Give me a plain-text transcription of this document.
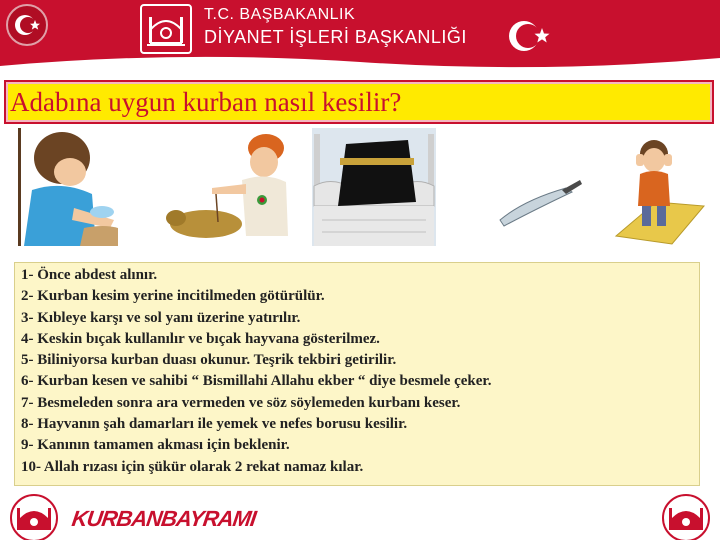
T.C. BAŞBAKANLIK
DİYANET İŞLERİ BAŞKANLIĞI
Adabına uygun kurban nasıl kesilir?
1- Önce abdest alınır.
2- Kurban kesim yerine incitilmeden götürülür.
3- Kıbleye karşı ve sol yanı üzerine yatırılır.
4- Keskin bıçak kullanılır ve bıçak hayvana gösterilmez.
5- Biliniyorsa kurban duası okunur. Teşrik tekbiri getirilir.
6- Kurban kesen ve sahibi “ Bismillahi Allahu ekber “ diye besmele çeker.
7- Besmeleden sonra ara vermeden ve söz söylemeden kurbanı keser.
8- Hayvanın şah damarları ile yemek ve nefes borusu kesilir.
9- Kanının tamamen akması için beklenir.
10- Allah rızası için şükür olarak 2 rekat namaz kılar.
KURBANBAYRAMI
